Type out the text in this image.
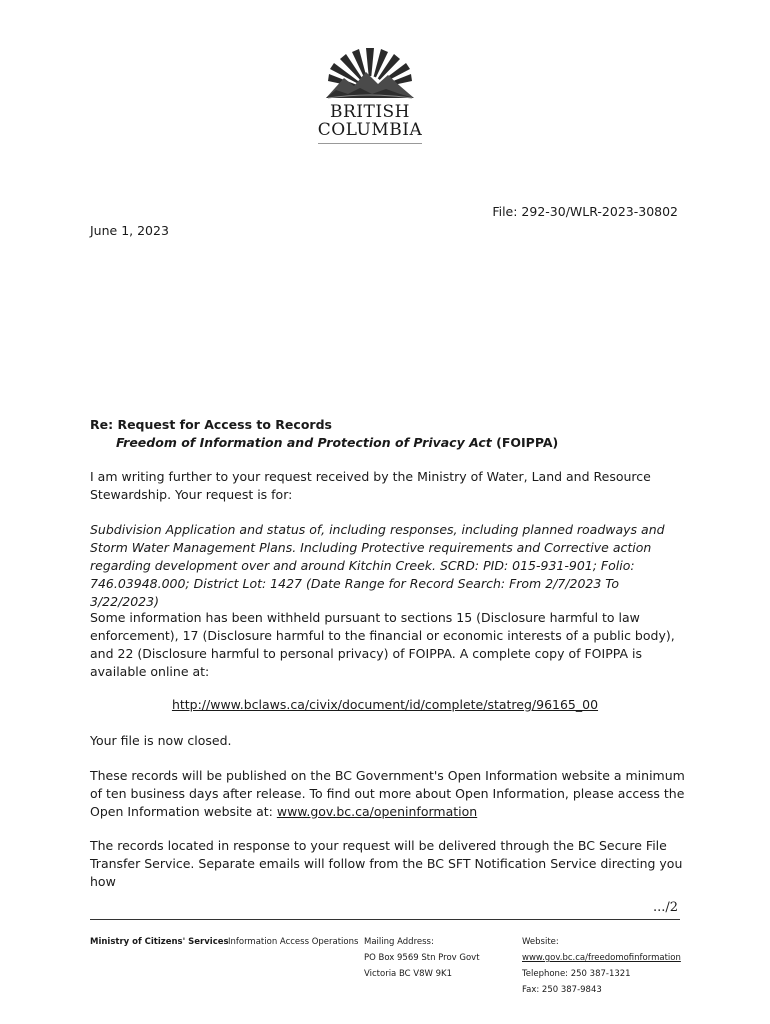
BRITISH
COLUMBIA
File: 292-30/WLR-2023-30802
June 1, 2023
Re: Request for Access to Records
Freedom of Information and Protection of Privacy Act (FOIPPA)
I am writing further to your request received by the Ministry of Water, Land and Resource Stewardship. Your request is for:
Subdivision Application and status of, including responses, including planned roadways and Storm Water Management Plans. Including Protective requirements and Corrective action regarding development over and around Kitchin Creek. SCRD: PID: 015-931-901; Folio: 746.03948.000; District Lot: 1427 (Date Range for Record Search: From 2/7/2023 To 3/22/2023)
Some information has been withheld pursuant to sections 15 (Disclosure harmful to law enforcement), 17 (Disclosure harmful to the financial or economic interests of a public body), and 22 (Disclosure harmful to personal privacy) of FOIPPA. A complete copy of FOIPPA is available online at:
http://www.bclaws.ca/civix/document/id/complete/statreg/96165_00
Your file is now closed.
These records will be published on the BC Government's Open Information website a minimum of ten business days after release. To find out more about Open Information, please access the Open Information website at: www.gov.bc.ca/openinformation
The records located in response to your request will be delivered through the BC Secure File Transfer Service. Separate emails will follow from the BC SFT Notification Service directing you how
.../2
Ministry of Citizens' Services Information Access Operations Mailing Address:
PO Box 9569 Stn Prov Govt
Victoria BC V8W 9K1
Website:
www.gov.bc.ca/freedomofinformation
Telephone: 250 387-1321
Fax: 250 387-9843
